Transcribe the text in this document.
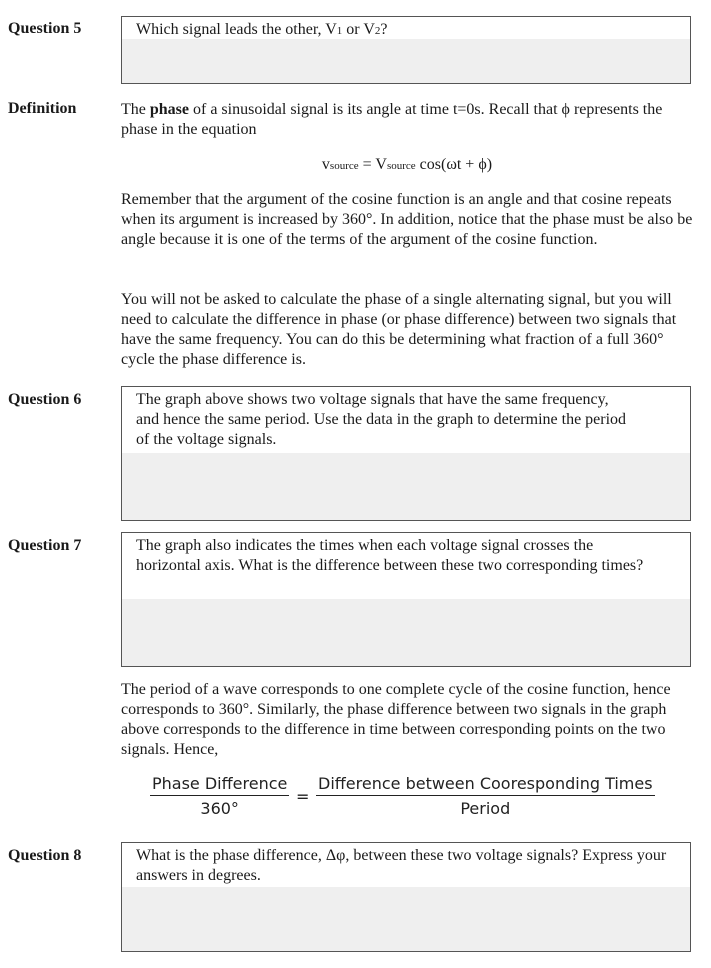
Question 5	Which signal leads the other, V1 or V2?
Definition	The phase of a sinusoidal signal is its angle at time t=0s. Recall that ϕ represents the phase in the equation
vsource = Vsource cos(ωt + ϕ)
Remember that the argument of the cosine function is an angle and that cosine repeats when its argument is increased by 360°. In addition, notice that the phase must be also be angle because it is one of the terms of the argument of the cosine function.
You will not be asked to calculate the phase of a single alternating signal, but you will need to calculate the difference in phase (or phase difference) between two signals that have the same frequency. You can do this be determining what fraction of a full 360° cycle the phase difference is.
Question 6	The graph above shows two voltage signals that have the same frequency, and hence the same period. Use the data in the graph to determine the period of the voltage signals.
Question 7	The graph also indicates the times when each voltage signal crosses the horizontal axis. What is the difference between these two corresponding times?
The period of a wave corresponds to one complete cycle of the cosine function, hence corresponds to 360°. Similarly, the phase difference between two signals in the graph above corresponds to the difference in time between corresponding points on the two signals. Hence,
Phase Difference
360°
=
Difference between Cooresponding Times
Period
Question 8	What is the phase difference, Δφ, between these two voltage signals? Express your answers in degrees.
